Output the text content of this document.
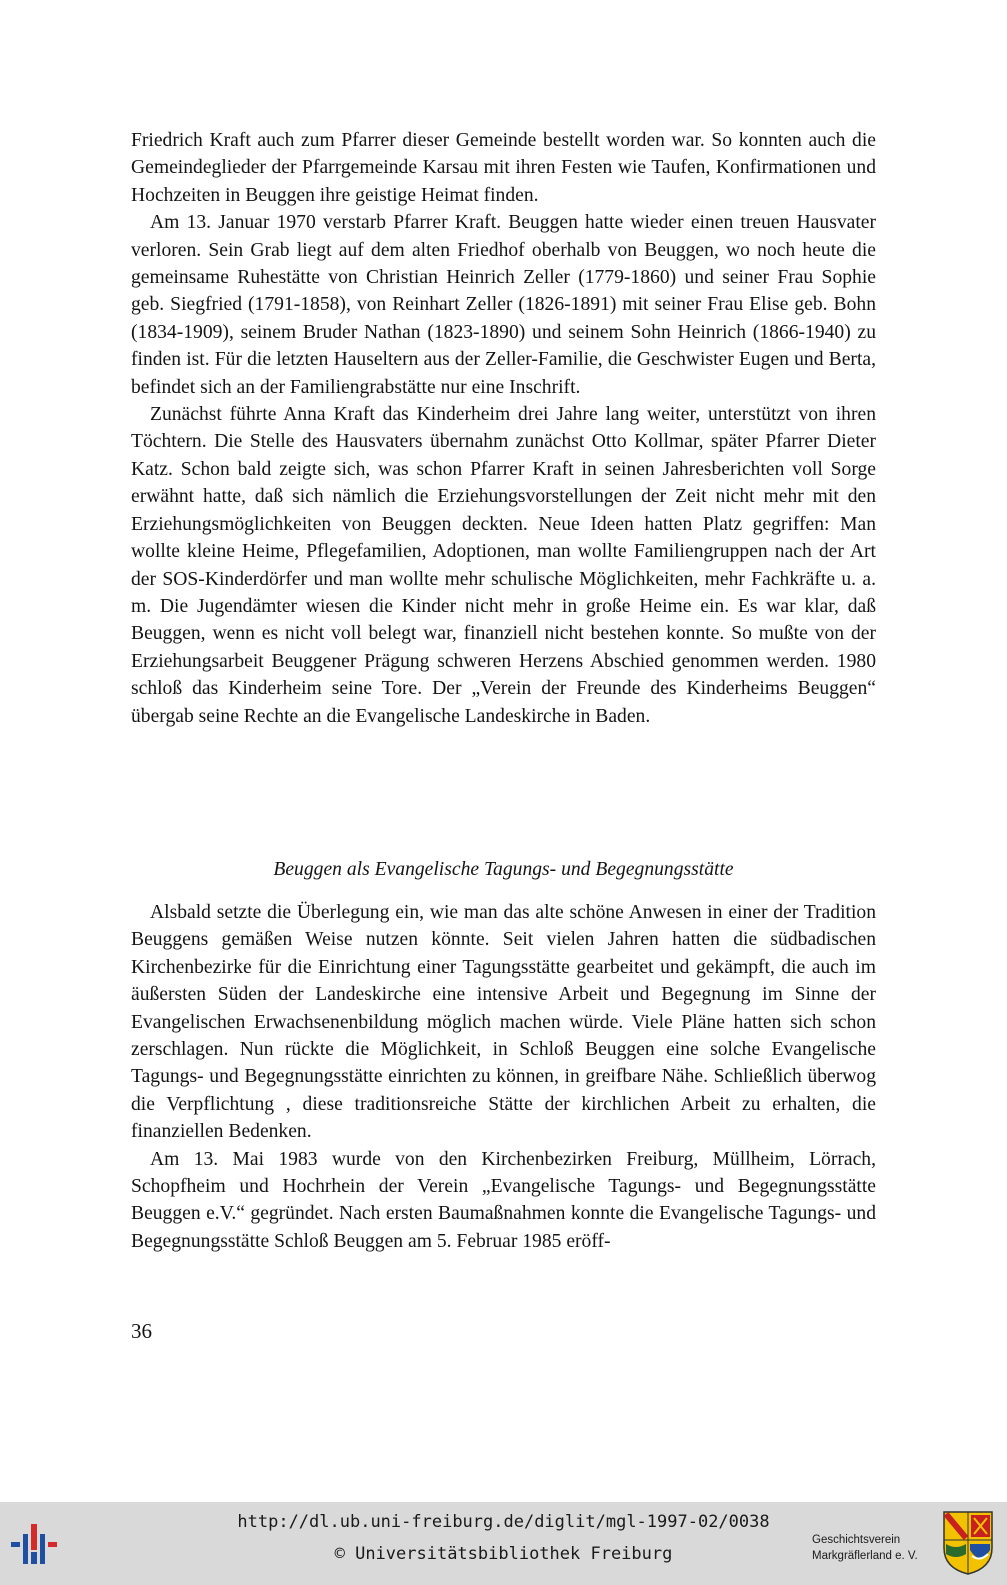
Friedrich Kraft auch zum Pfarrer dieser Gemeinde bestellt worden war. So konnten auch die Gemeindeglieder der Pfarrgemeinde Karsau mit ihren Festen wie Taufen, Konfirmationen und Hochzeiten in Beuggen ihre geistige Heimat finden.

Am 13. Januar 1970 verstarb Pfarrer Kraft. Beuggen hatte wieder einen treuen Hausvater verloren. Sein Grab liegt auf dem alten Friedhof oberhalb von Beuggen, wo noch heute die gemeinsame Ruhestätte von Christian Heinrich Zeller (1779-1860) und seiner Frau Sophie geb. Siegfried (1791-1858), von Reinhart Zeller (1826-1891) mit seiner Frau Elise geb. Bohn (1834-1909), seinem Bruder Nathan (1823-1890) und seinem Sohn Heinrich (1866-1940) zu finden ist. Für die letzten Hauseltern aus der Zeller-Familie, die Geschwister Eugen und Berta, befindet sich an der Familiengrabstätte nur eine Inschrift.

Zunächst führte Anna Kraft das Kinderheim drei Jahre lang weiter, unterstützt von ihren Töchtern. Die Stelle des Hausvaters übernahm zunächst Otto Kollmar, später Pfarrer Dieter Katz. Schon bald zeigte sich, was schon Pfarrer Kraft in seinen Jahresberichten voll Sorge erwähnt hatte, daß sich nämlich die Erziehungsvorstellungen der Zeit nicht mehr mit den Erziehungsmöglichkeiten von Beuggen deckten. Neue Ideen hatten Platz gegriffen: Man wollte kleine Heime, Pflegefamilien, Adoptionen, man wollte Familiengruppen nach der Art der SOS-Kinderdörfer und man wollte mehr schulische Möglichkeiten, mehr Fachkräfte u. a. m. Die Jugendämter wiesen die Kinder nicht mehr in große Heime ein. Es war klar, daß Beuggen, wenn es nicht voll belegt war, finanziell nicht bestehen konnte. So mußte von der Erziehungsarbeit Beuggener Prägung schweren Herzens Abschied genommen werden. 1980 schloß das Kinderheim seine Tore. Der „Verein der Freunde des Kinderheims Beuggen“ übergab seine Rechte an die Evangelische Landeskirche in Baden.

Beuggen als Evangelische Tagungs- und Begegnungsstätte

Alsbald setzte die Überlegung ein, wie man das alte schöne Anwesen in einer der Tradition Beuggens gemäßen Weise nutzen könnte. Seit vielen Jahren hatten die südbadischen Kirchenbezirke für die Einrichtung einer Tagungsstätte gearbeitet und gekämpft, die auch im äußersten Süden der Landeskirche eine intensive Arbeit und Begegnung im Sinne der Evangelischen Erwachsenenbildung möglich machen würde. Viele Pläne hatten sich schon zerschlagen. Nun rückte die Möglichkeit, in Schloß Beuggen eine solche Evangelische Tagungs- und Begegnungsstätte einrichten zu können, in greifbare Nähe. Schließlich überwog die Verpflichtung , diese traditionsreiche Stätte der kirchlichen Arbeit zu erhalten, die finanziellen Bedenken.

Am 13. Mai 1983 wurde von den Kirchenbezirken Freiburg, Müllheim, Lörrach, Schopfheim und Hochrhein der Verein „Evangelische Tagungs- und Begegnungsstätte Beuggen e.V.“ gegründet. Nach ersten Baumaßnahmen konnte die Evangelische Tagungs- und Begegnungsstätte Schloß Beuggen am 5. Februar 1985 eröff-

36
http://dl.ub.uni-freiburg.de/diglit/mgl-1997-02/0038
© Universitätsbibliothek Freiburg
Geschichtsverein
Markgräflerland e. V.
